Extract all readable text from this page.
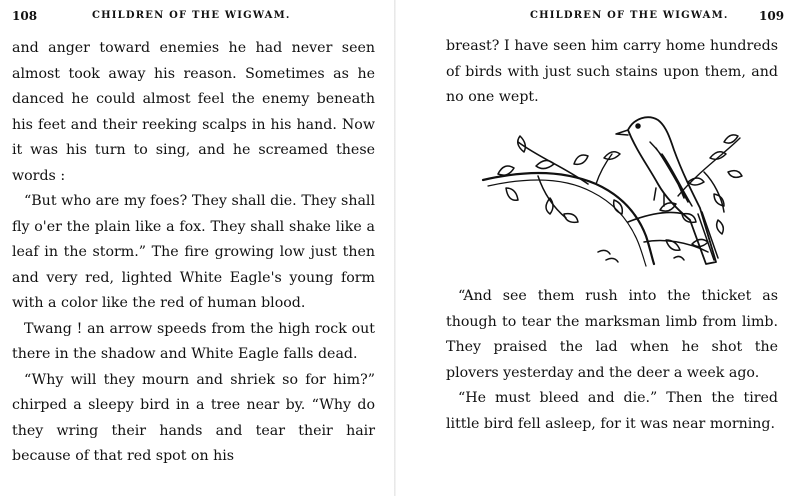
108	CHILDREN OF THE WIGWAM.

and anger toward enemies he had never seen almost took away his reason. Sometimes as he danced he could almost feel the enemy beneath his feet and their reeking scalps in his hand. Now it was his turn to sing, and he screamed these words :

“But who are my foes? They shall die. They shall fly o'er the plain like a fox. They shall shake like a leaf in the storm.” The fire growing low just then and very red, lighted White Eagle's young form with a color like the red of human blood.

Twang ! an arrow speeds from the high rock out there in the shadow and White Eagle falls dead.

“Why will they mourn and shriek so for him?” chirped a sleepy bird in a tree near by. “Why do they wring their hands and tear their hair because of that red spot on his

CHILDREN OF THE WIGWAM.	109

breast? I have seen him carry home hundreds of birds with just such stains upon them, and no one wept.

“And see them rush into the thicket as though to tear the marksman limb from limb. They praised the lad when he shot the plovers yesterday and the deer a week ago.

“He must bleed and die.” Then the tired little bird fell asleep, for it was near morning.
